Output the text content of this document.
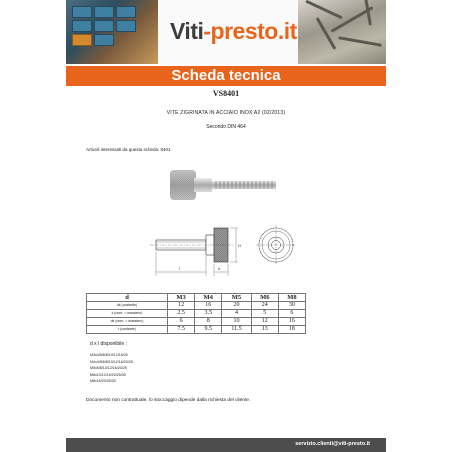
Viti-presto.it
Scheda tecnica
VS8401
VITE ZIGRINATA IN ACCIAIO INOX A2 (02/2013)
Secondo DIN 464
Articoli interessati da questa scheda: 8401
l	k
H
d	M3	M4	M5	M6	M8
dk (costante)	12	16	20	24	30
k (nom. = massimo)	2.5	3.5	4	5	6
ds (nom. = massimo)	6	8	10	12	16
t (costante)	7.5	9.5	11.5	13	18
d x l disponibile :
M3x4/5/6/8/10/12/16/20
M4x4/5/6/8/10/12/16/20/25
M5x6/8/10/12/16/20/25
M6x10/12/16/20/25/30
M8x16/20/25/30
Documento non contrattuale, lo stoccaggio dipende dalla richiesta del cliente.
servizio.clienti@viti-presto.it
